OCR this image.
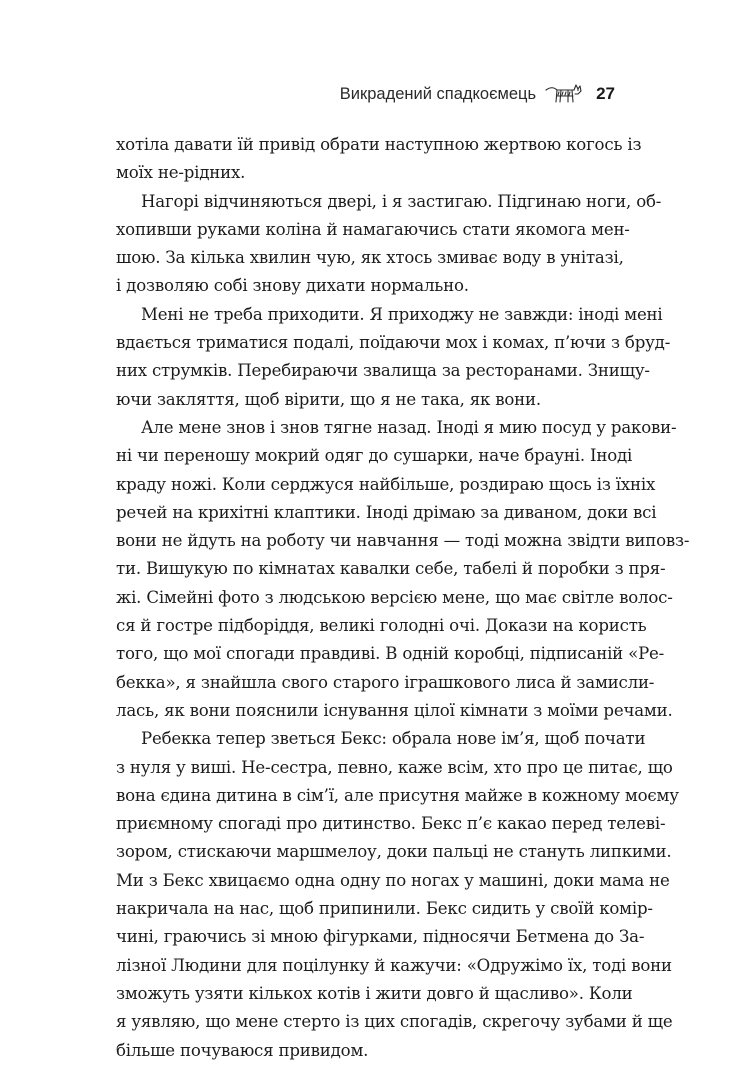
Викрадений спадкоємець	27

хотіла давати їй привід обрати наступною жертвою когось із
моїх не-рідних.

Нагорі відчиняються двері, і я застигаю. Підгинаю ноги, об-
хопивши руками коліна й намагаючись стати якомога мен-
шою. За кілька хвилин чую, як хтось змиває воду в унітазі,
і дозволяю собі знову дихати нормально.

Мені не треба приходити. Я приходжу не завжди: іноді мені
вдається триматися подалі, поїдаючи мох і комах, п’ючи з бруд-
них струмків. Перебираючи звалища за ресторанами. Знищу-
ючи закляття, щоб вірити, що я не така, як вони.

Але мене знов і знов тягне назад. Іноді я мию посуд у ракови-
ні чи переношу мокрий одяг до сушарки, наче брауні. Іноді
краду ножі. Коли серджуся найбільше, роздираю щось із їхніх
речей на крихітні клаптики. Іноді дрімаю за диваном, доки всі
вони не йдуть на роботу чи навчання — тоді можна звідти виповз-
ти. Вишукую по кімнатах кавалки себе, табелі й поробки з пря-
жі. Сімейні фото з людською версією мене, що має світле волос-
ся й гостре підборіддя, великі голодні очі. Докази на користь
того, що мої спогади правдиві. В одній коробці, підписаній «Ре-
бекка», я знайшла свого старого іграшкового лиса й замисли-
лась, як вони пояснили існування цілої кімнати з моїми речами.

Ребекка тепер зветься Бекс: обрала нове ім’я, щоб почати
з нуля у виші. Не-сестра, певно, каже всім, хто про це питає, що
вона єдина дитина в сім’ї, але присутня майже в кожному моєму
приємному спогаді про дитинство. Бекс п’є какао перед телеві-
зором, стискаючи маршмелоу, доки пальці не стануть липкими.
Ми з Бекс хвицаємо одна одну по ногах у машині, доки мама не
накричала на нас, щоб припинили. Бекс сидить у своїй комір-
чині, граючись зі мною фігурками, підносячи Бетмена до За-
лізної Людини для поцілунку й кажучи: «Одружімо їх, тоді вони
зможуть узяти кількох котів і жити довго й щасливо». Коли
я уявляю, що мене стерто із цих спогадів, скрегочу зубами й ще
більше почуваюся привидом.
